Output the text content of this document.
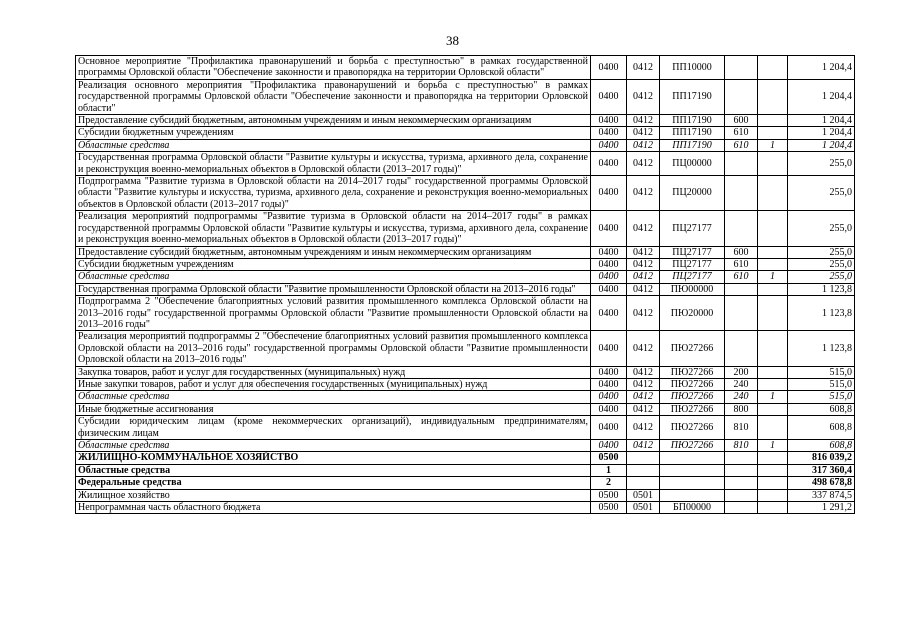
38
Основное мероприятие "Профилактика правонарушений и борьба с преступностью" в рамках государственной программы Орловской области "Обеспечение законности и правопорядка на территории Орловской области"	0400	0412	ПП10000			1 204,4
Реализация основного мероприятия "Профилактика правонарушений и борьба с преступностью" в рамках государственной программы Орловской области "Обеспечение законности и правопорядка на территории Орловской области"	0400	0412	ПП17190			1 204,4
Предоставление субсидий бюджетным, автономным учреждениям и иным некоммерческим организациям	0400	0412	ПП17190	600		1 204,4
Субсидии бюджетным учреждениям	0400	0412	ПП17190	610		1 204,4
Областные средства	0400	0412	ПП17190	610	1	1 204,4
Государственная программа Орловской области "Развитие культуры и искусства, туризма, архивного дела, сохранение и реконструкция военно-мемориальных объектов в Орловской области (2013–2017 годы)"	0400	0412	ПЦ00000			255,0
Подпрограмма "Развитие туризма в Орловской области на 2014–2017 годы" государственной программы Орловской области "Развитие культуры и искусства, туризма, архивного дела, сохранение и реконструкция военно-мемориальных объектов в Орловской области (2013–2017 годы)"	0400	0412	ПЦ20000			255,0
Реализация мероприятий подпрограммы "Развитие туризма в Орловской области на 2014–2017 годы" в рамках государственной программы Орловской области "Развитие культуры и искусства, туризма, архивного дела, сохранение и реконструкция военно-мемориальных объектов в Орловской области (2013–2017 годы)"	0400	0412	ПЦ27177			255,0
Предоставление субсидий бюджетным, автономным учреждениям и иным некоммерческим организациям	0400	0412	ПЦ27177	600		255,0
Субсидии бюджетным учреждениям	0400	0412	ПЦ27177	610		255,0
Областные средства	0400	0412	ПЦ27177	610	1	255,0
Государственная программа Орловской области "Развитие промышленности Орловской области на 2013–2016 годы"	0400	0412	ПЮ00000			1 123,8
Подпрограмма 2 "Обеспечение благоприятных условий развития промышленного комплекса Орловской области на 2013–2016 годы" государственной программы Орловской области "Развитие промышленности Орловской области на 2013–2016 годы"	0400	0412	ПЮ20000			1 123,8
Реализация мероприятий подпрограммы 2 "Обеспечение благоприятных условий развития промышленного комплекса Орловской области на 2013–2016 годы" государственной программы Орловской области "Развитие промышленности Орловской области на 2013–2016 годы"	0400	0412	ПЮ27266			1 123,8
Закупка товаров, работ и услуг для государственных (муниципальных) нужд	0400	0412	ПЮ27266	200		515,0
Иные закупки товаров, работ и услуг для обеспечения государственных (муниципальных) нужд	0400	0412	ПЮ27266	240		515,0
Областные средства	0400	0412	ПЮ27266	240	1	515,0
Иные бюджетные ассигнования	0400	0412	ПЮ27266	800		608,8
Субсидии юридическим лицам (кроме некоммерческих организаций), индивидуальным предпринимателям, физическим лицам	0400	0412	ПЮ27266	810		608,8
Областные средства	0400	0412	ПЮ27266	810	1	608,8
ЖИЛИЩНО-КОММУНАЛЬНОЕ ХОЗЯЙСТВО	0500					816 039,2
Областные средства	1					317 360,4
Федеральные средства	2					498 678,8
Жилищное хозяйство	0500	0501				337 874,5
Непрограммная часть областного бюджета	0500	0501	БП00000			1 291,2
